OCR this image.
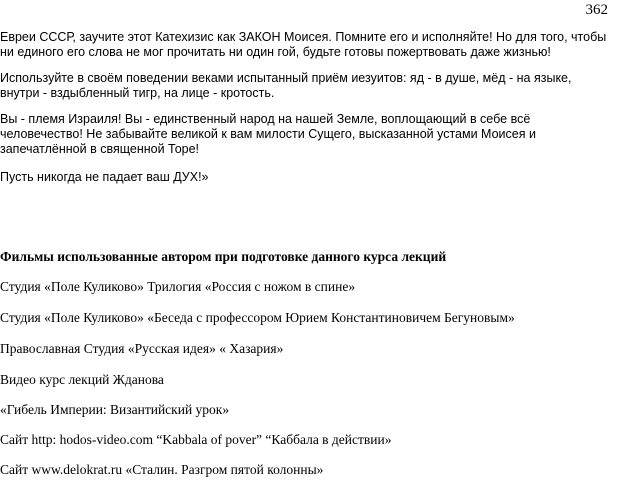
362

Евреи СССР, заучите этот Катехизис как ЗАКОН Моисея. Помните его и исполняйте! Но для того, чтобы ни единого его слова не мог прочитать ни один гой, будьте готовы пожертвовать даже жизнью!

Используйте в своём поведении веками испытанный приём иезуитов: яд - в душе, мёд - на языке, внутри - вздыбленный тигр, на лице - кротость.

Вы - племя Израиля! Вы - единственный народ на нашей Земле, воплощающий в себе всё человечество! Не забывайте великой к вам милости Сущего, высказанной устами Моисея и запечатлённой в священной Торе!

Пусть никогда не падает ваш ДУХ!»

Фильмы использованные автором при подготовке данного курса лекций

Студия «Поле Куликово» Трилогия «Россия с ножом в спине»

Студия «Поле Куликово» «Беседа с профессором Юрием Константиновичем Бегуновым»

Православная Студия «Русская идея» « Хазария»

Видео курс лекций Жданова

«Гибель Империи: Византийский урок»

Сайт http: hodos-video.com “Kabbala of pover” “Каббала в действии»

Сайт www.delokrat.ru «Сталин. Разгром пятой колонны»
